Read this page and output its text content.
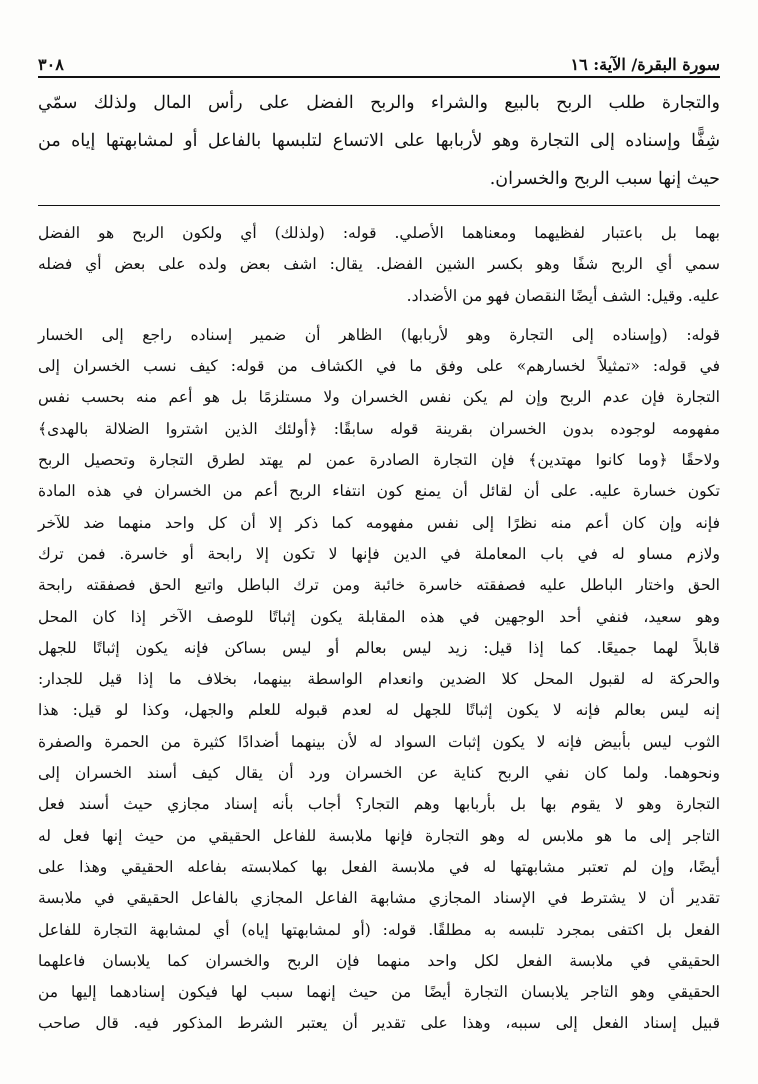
سورة البقرة/ الآية: ١٦
٣٠٨
والتجارة طلب الربح بالبيع والشراء والربح الفضل على رأس المال ولذلك سمّي
شِفًّا وإسناده إلى التجارة وهو لأربابها على الاتساع لتلبسها بالفاعل أو لمشابهتها إياه من
حيث إنها سبب الربح والخسران.

بهما بل باعتبار لفظيهما ومعناهما الأصلي. قوله: (ولذلك) أي ولكون الربح هو الفضل
سمي أي الربح شفًا وهو بكسر الشين الفضل. يقال: اشف بعض ولده على بعض أي فضله
عليه. وقيل: الشف أيضًا النقصان فهو من الأضداد.

قوله: (وإسناده إلى التجارة وهو لأربابها) الظاهر أن ضمير إسناده راجع إلى الخسار
في قوله: «تمثيلاً لخسارهم» على وفق ما في الكشاف من قوله: كيف نسب الخسران إلى
التجارة فإن عدم الربح وإن لم يكن نفس الخسران ولا مستلزمًا بل هو أعم منه بحسب نفس
مفهومه لوجوده بدون الخسران بقرينة قوله سابقًا: ﴿أولئك الذين اشتروا الضلالة بالهدى﴾
ولاحقًا ﴿وما كانوا مهتدين﴾ فإن التجارة الصادرة عمن لم يهتد لطرق التجارة وتحصيل الربح
تكون خسارة عليه. على أن لقائل أن يمنع كون انتفاء الربح أعم من الخسران في هذه المادة
فإنه وإن كان أعم منه نظرًا إلى نفس مفهومه كما ذكر إلا أن كل واحد منهما ضد للآخر
ولازم مساو له في باب المعاملة في الدين فإنها لا تكون إلا رابحة أو خاسرة. فمن ترك
الحق واختار الباطل عليه فصفقته خاسرة خائبة ومن ترك الباطل واتبع الحق فصفقته رابحة
وهو سعيد، فنفي أحد الوجهين في هذه المقابلة يكون إثباتًا للوصف الآخر إذا كان المحل
قابلاً لهما جميعًا. كما إذا قيل: زيد ليس بعالم أو ليس بساكن فإنه يكون إثباتًا للجهل
والحركة له لقبول المحل كلا الضدين وانعدام الواسطة بينهما، بخلاف ما إذا قيل للجدار:
إنه ليس بعالم فإنه لا يكون إثباتًا للجهل له لعدم قبوله للعلم والجهل، وكذا لو قيل: هذا
الثوب ليس بأبيض فإنه لا يكون إثبات السواد له لأن بينهما أضدادًا كثيرة من الحمرة والصفرة
ونحوهما. ولما كان نفي الربح كناية عن الخسران ورد أن يقال كيف أسند الخسران إلى
التجارة وهو لا يقوم بها بل بأربابها وهم التجار؟ أجاب بأنه إسناد مجازي حيث أسند فعل
التاجر إلى ما هو ملابس له وهو التجارة فإنها ملابسة للفاعل الحقيقي من حيث إنها فعل له
أيضًا، وإن لم تعتبر مشابهتها له في ملابسة الفعل بها كملابسته بفاعله الحقيقي وهذا على
تقدير أن لا يشترط في الإسناد المجازي مشابهة الفاعل المجازي بالفاعل الحقيقي في ملابسة
الفعل بل اكتفى بمجرد تلبسه به مطلقًا. قوله: (أو لمشابهتها إياه) أي لمشابهة التجارة للفاعل
الحقيقي في ملابسة الفعل لكل واحد منهما فإن الربح والخسران كما يلابسان فاعلهما
الحقيقي وهو التاجر يلابسان التجارة أيضًا من حيث إنهما سبب لها فيكون إسنادهما إليها من
قبيل إسناد الفعل إلى سببه، وهذا على تقدير أن يعتبر الشرط المذكور فيه. قال صاحب
